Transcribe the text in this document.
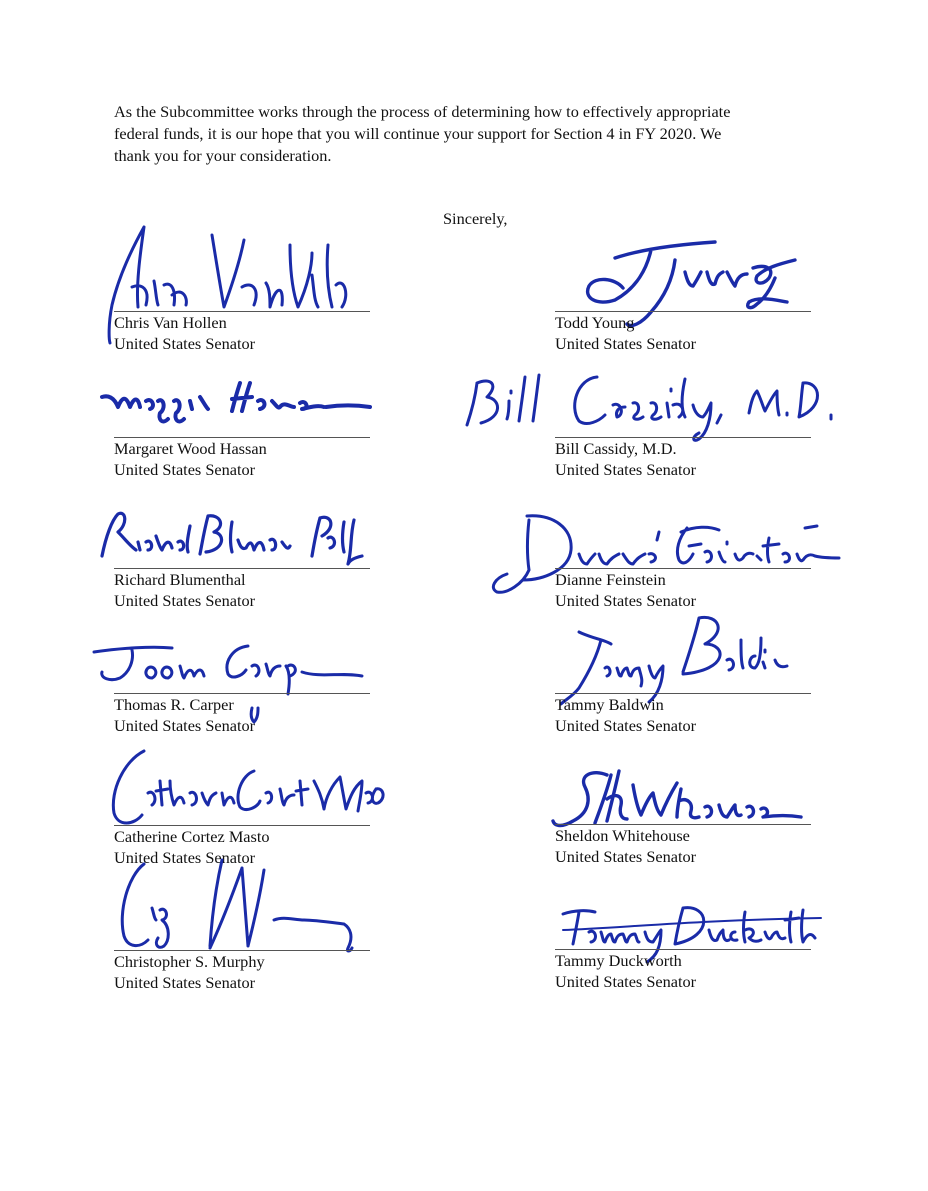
As the Subcommittee works through the process of determining how to effectively appropriate
federal funds, it is our hope that you will continue your support for Section 4 in FY 2020. We
thank you for your consideration.
Sincerely,
Chris Van Hollen
United States Senator
Margaret Wood Hassan
United States Senator
Richard Blumenthal
United States Senator
Thomas R. Carper
United States Senator
Catherine Cortez Masto
United States Senator
Christopher S. Murphy
United States Senator
Todd Young
United States Senator
Bill Cassidy, M.D.
United States Senator
Dianne Feinstein
United States Senator
Tammy Baldwin
United States Senator
Sheldon Whitehouse
United States Senator
Tammy Duckworth
United States Senator
